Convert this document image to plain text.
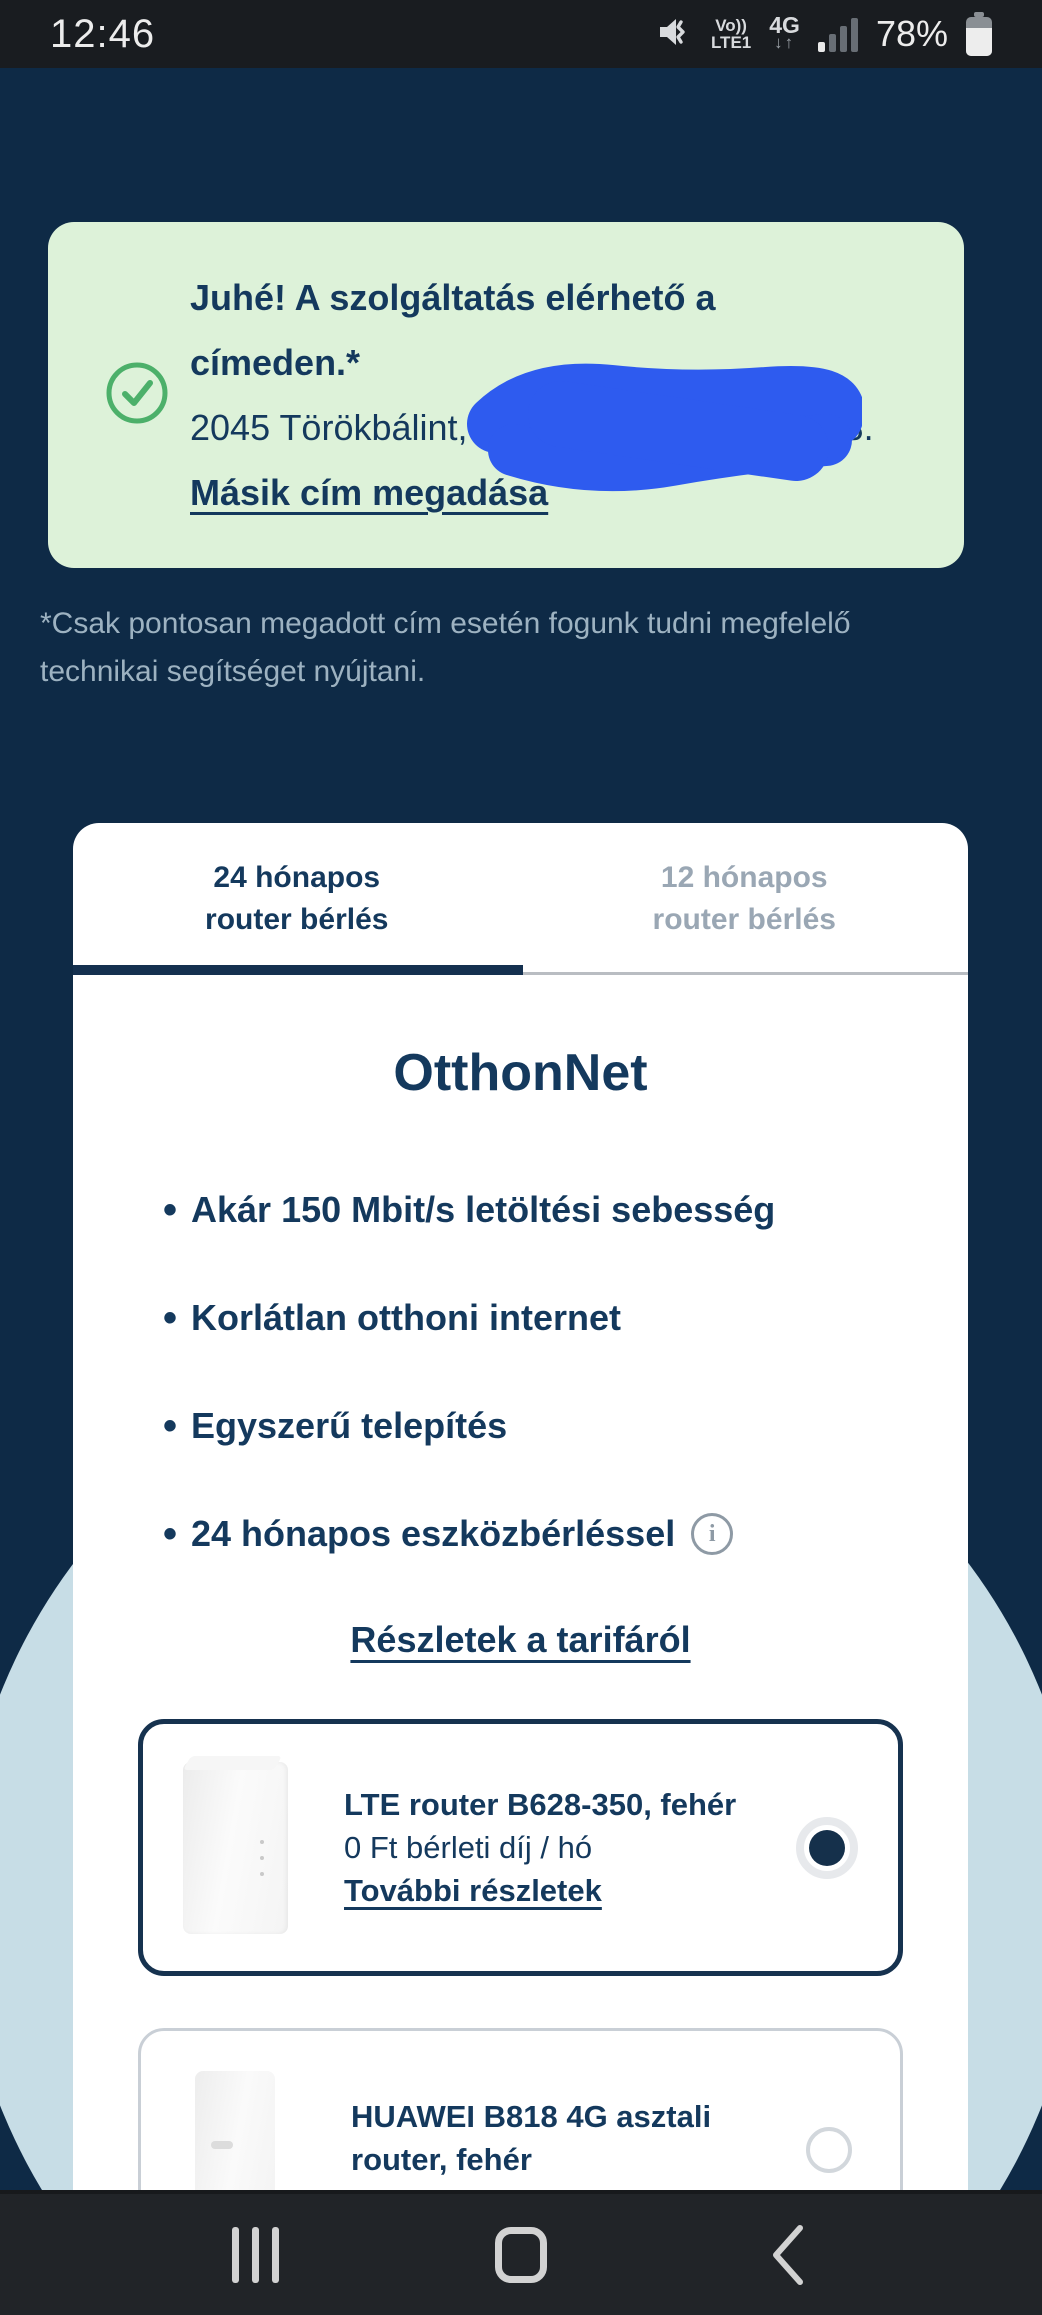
12:46	Vo))
LTE1
4G
↓↑ 78%
Juhé! A szolgáltatás elérhető a címeden.*
2045 Törökbálint,	18.
Másik cím megadása
*Csak pontosan megadott cím esetén fogunk tudni megfelelő technikai segítséget nyújtani.
24 hónapos router bérlés
12 hónapos router bérlés
OtthonNet
• Akár 150 Mbit/s letöltési sebesség
• Korlátlan otthoni internet
• Egyszerű telepítés
• 24 hónapos eszközbérléssel	i
Részletek a tarifáról
LTE router B628-350, fehér
0 Ft bérleti díj / hó
További részletek
HUAWEI B818 4G asztali router, fehér
